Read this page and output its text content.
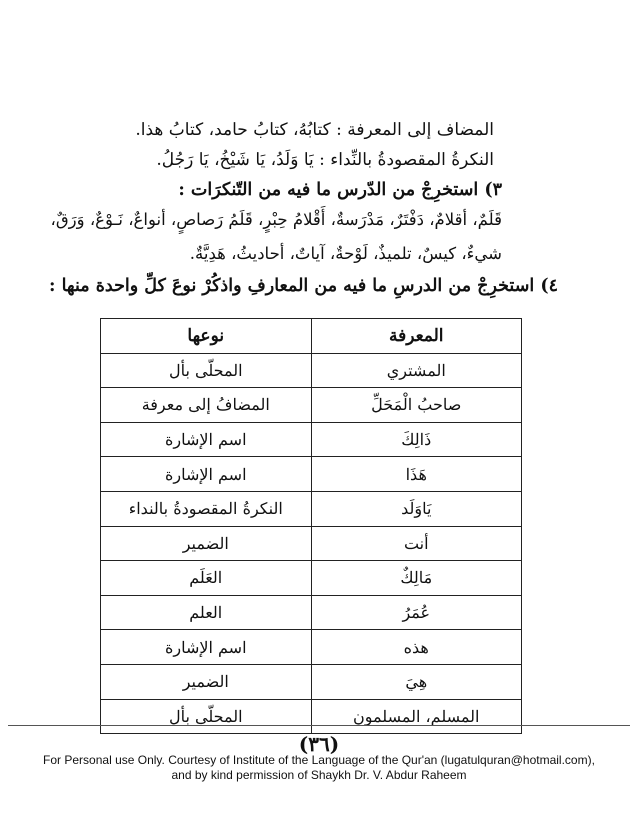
المضاف إلى المعرفة : كتابُهُ، كتابُ حامد، كتابُ هذا.
النكرةُ المقصودةُ بالنِّداء : يَا وَلَدُ، يَا شَيْخُ، يَا رَجُلُ.
٣) استخرِجْ من الدّرس ما فيه من التّنكرَات :
قَلَمٌ، أقلامٌ، دَفْتَرٌ، مَدْرَسةٌ، أَقْلامُ حِبْرٍ، قَلَمُ رَصاصٍ، أنواعٌ، نَـوْعٌ، وَرَقٌ،
شيءٌ، كيسٌ، تلميذٌ، لَوْحةٌ، آياتٌ، أحاديثُ، هَدِيَّةٌ.
٤) استخرِجْ من الدرسِ ما فيه من المعارفِ واذكُرْ نوعَ كلِّ واحدة منها :
المعرفة	نوعها
المشتري	المحلّى بأل
صاحبُ الْمَحَلِّ	المضافُ إلى معرفة
ذَالِكَ	اسم الإشارة
هَذَا	اسم الإشارة
يَاوَلَد	النكرةُ المقصودةُ بالنداء
أنت	الضمير
مَالِكٌ	العَلَم
عُمَرُ	العلم
هذه	اسم الإشارة
هِيَ	الضمير
المسلم، المسلمون	المحلّى بأل
(٣٦)
For Personal use Only. Courtesy of Institute of the Language of the Qur'an (lugatulquran@hotmail.com),
and by kind permission of Shaykh Dr. V. Abdur Raheem
